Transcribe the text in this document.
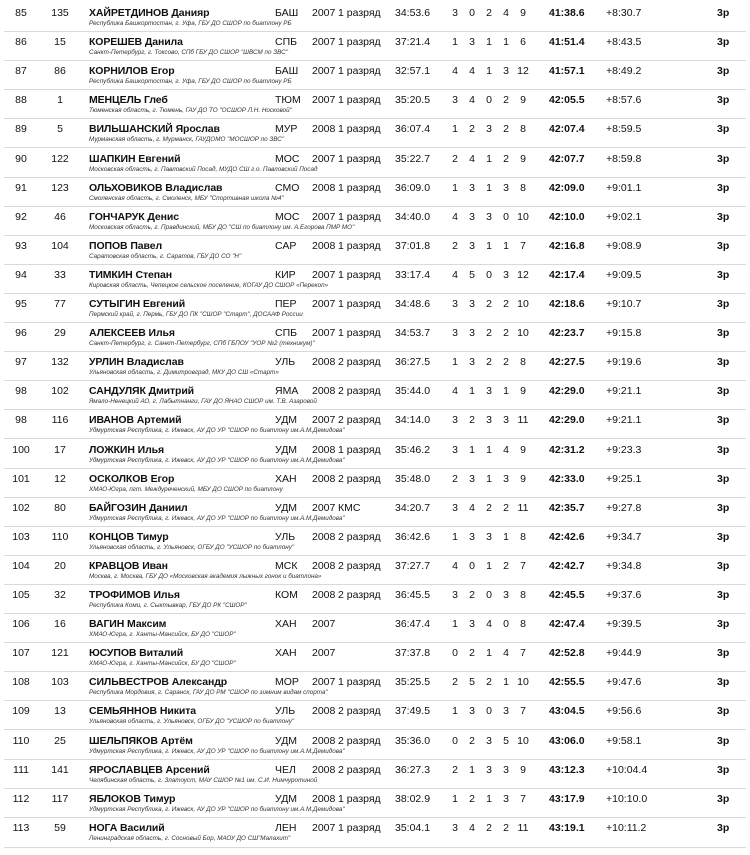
85	135	ХАЙРЕТДИНОВ Данияр	БАШ 2007 1 разряд 34:53.6 3 0 2 4	9	41:38.6 +8:30.7	3р
Республика Башкортостан, г. Уфа, ГБУ ДО СШОР по биатлону РБ
86	15	КОРЕШЕВ Данила	СПБ 2007 1 разряд 37:21.4 1 3 1 1	6	41:51.4 +8:43.5	3р
Санкт-Петербург, г. Токсово, СПб ГБУ ДО СШОР "ШВСМ по ЗВС"
87	86	КОРНИЛОВ Егор	БАШ 2007 1 разряд 32:57.1 4 4 1 3 12	41:57.1 +8:49.2	3р
Республика Башкортостан, г. Уфа, ГБУ ДО СШОР по биатлону РБ
88	1	МЕНЦЕЛЬ Глеб	ТЮМ 2007 1 разряд 35:20.5 3 4 0 2	9	42:05.5 +8:57.6	3р
Тюменская область, г. Тюмень, ГАУ ДО ТО "ОСШОР Л.Н. Носковой"
89	5	ВИЛЬШАНСКИЙ Ярослав	МУР 2008 1 разряд 36:07.4 1 2 3 2	8	42:07.4 +8:59.5	3р
Мурманская область, г. Мурманск, ГАУДОМО "МОСШОР по ЗВС"
90	122	ШАПКИН Евгений	МОС 2007 1 разряд 35:22.7 2 4 1 2	9	42:07.7 +8:59.8	3р
Московская область, г. Павловский Посад, МУДО СШ г.о. Павловский Посад
91	123	ОЛЬХОВИКОВ Владислав	СМО 2008 1 разряд 36:09.0 1 3 1 3	8	42:09.0 +9:01.1	3р
Смоленская область, г. Смоленск, МБУ "Спортивная школа №4"
92	46	ГОНЧАРУК Денис	МОС 2007 1 разряд 34:40.0 4 3 3 0 10	42:10.0 +9:02.1	3р
Московская область, г. Правдинский, МБУ ДО "СШ по биатлону им. А.Егорова ПМР МО"
93	104	ПОПОВ Павел	САР 2008 1 разряд 37:01.8 2 3 1 1	7	42:16.8 +9:08.9	3р
Саратовская область, г. Саратов, ГБУ ДО СО "Н"
94	33	ТИМКИН Степан	КИР 2007 1 разряд 33:17.4 4 5 0 3 12	42:17.4 +9:09.5	3р
Кировская область, Чепецкое сельское поселение, КОГАУ ДО СШОР «Перекоп»
95	77	СУТЫГИН Евгений	ПЕР 2007 1 разряд 34:48.6 3 3 2 2 10	42:18.6 +9:10.7	3р
Пермский край, г. Пермь, ГБУ ДО ПК "СШОР "Старт", ДОСААФ России
96	29	АЛЕКСЕЕВ Илья	СПБ 2007 1 разряд 34:53.7 3 3 2 2 10	42:23.7 +9:15.8	3р
Санкт-Петербург, г. Санкт-Петербург, СПб ГБПОУ "УОР №2 (техникум)"
97	132	УРЛИН Владислав	УЛЬ 2008 2 разряд 36:27.5 1 3 2 2	8	42:27.5 +9:19.6	3р
Ульяновская область, г. Димитровград, МКУ ДО СШ «Старт»
98	102	САНДУЛЯК Дмитрий	ЯМА 2008 2 разряд 35:44.0 4 1 3 1	9	42:29.0 +9:21.1	3р
Ямало-Ненецкий АО, г. Лабытнанги, ГАУ ДО ЯНАО СШОР им. Т.В. Азаровой
98	116	ИВАНОВ Артемий	УДМ 2007 2 разряд 34:14.0 3 2 3 3 11	42:29.0 +9:21.1	3р
Удмуртская Республика, г. Ижевск, АУ ДО УР "СШОР по биатлону им.А.М.Демидова"
100	17	ЛОЖКИН Илья	УДМ 2008 1 разряд 35:46.2 3 1 1 4	9	42:31.2 +9:23.3	3р
Удмуртская Республика, г. Ижевск, АУ ДО УР "СШОР по биатлону им.А.М.Демидова"
101	12	ОСКОЛКОВ Егор	ХАН 2008 2 разряд 35:48.0 2 3 1 3	9	42:33.0 +9:25.1	3р
ХМАО-Югра, пгт. Междуреченский, МБУ ДО СШОР по биатлону
102	80	БАЙГОЗИН Даниил	УДМ 2007 КМС	34:20.7 3 4 2 2 11	42:35.7 +9:27.8	3р
Удмуртская Республика, г. Ижевск, АУ ДО УР "СШОР по биатлону им.А.М.Демидова"
103	110	КОНЦОВ Тимур	УЛЬ 2008 2 разряд 36:42.6 1 3 3 1	8	42:42.6 +9:34.7	3р
Ульяновская область, г. Ульяновск, ОГБУ ДО "УСШОР по биатлону"
104	20	КРАВЦОВ Иван	МСК 2008 2 разряд 37:27.7 4 0 1 2	7	42:42.7 +9:34.8	3р
Москва, г. Москва, ГБУ ДО «Московская академия лыжных гонок и биатлона»
105	32	ТРОФИМОВ Илья	КОМ 2008 2 разряд 36:45.5 3 2 0 3	8	42:45.5 +9:37.6	3р
Республика Коми, г. Сыктывкар, ГБУ ДО РК "СШОР"
106	16	ВАГИН Максим	ХАН 2007	36:47.4 1 3 4 0	8	42:47.4 +9:39.5	3р
ХМАО-Югра, г. Ханты-Мансийск, БУ ДО "СШОР"
107	121	ЮСУПОВ Виталий	ХАН 2007	37:37.8 0 2 1 4	7	42:52.8 +9:44.9	3р
ХМАО-Югра, г. Ханты-Мансийск, БУ ДО "СШОР"
108	103	СИЛЬВЕСТРОВ Александр	МОР 2007 1 разряд 35:25.5 2 5 2 1 10	42:55.5 +9:47.6	3р
Республика Мордовия, г. Саранск, ГАУ ДО РМ "СШОР по зимним видам спорта"
109	13	СЕМЬЯННОВ Никита	УЛЬ 2008 2 разряд 37:49.5 1 3 0 3	7	43:04.5 +9:56.6	3р
Ульяновская область, г. Ульяновск, ОГБУ ДО "УСШОР по биатлону"
110	25	ШЕЛЬПЯКОВ Артём	УДМ 2008 2 разряд 35:36.0 0 2 3 5 10	43:06.0 +9:58.1	3р
Удмуртская Республика, г. Ижевск, АУ ДО УР "СШОР по биатлону им.А.М.Демидова"
111	141	ЯРОСЛАВЦЕВ Арсений	ЧЕЛ 2008 2 разряд 36:27.3 2 1 3 3	9	43:12.3 +10:04.4	3р
Челябинская область, г. Златоуст, МАУ СШОР №1 им. С.И. Нимчуротиной
112	117	ЯБЛОКОВ Тимур	УДМ 2008 1 разряд 38:02.9 1 2 1 3	7	43:17.9 +10:10.0	3р
Удмуртская Республика, г. Ижевск, АУ ДО УР "СШОР по биатлону им.А.М.Демидова"
113	59	НОГА Василий	ЛЕН 2007 1 разряд 35:04.1 3 4 2 2 11	43:19.1 +10:11.2	3р
Ленинградская область, г. Сосновый Бор, МАОУ ДО СШ"Малахит"
